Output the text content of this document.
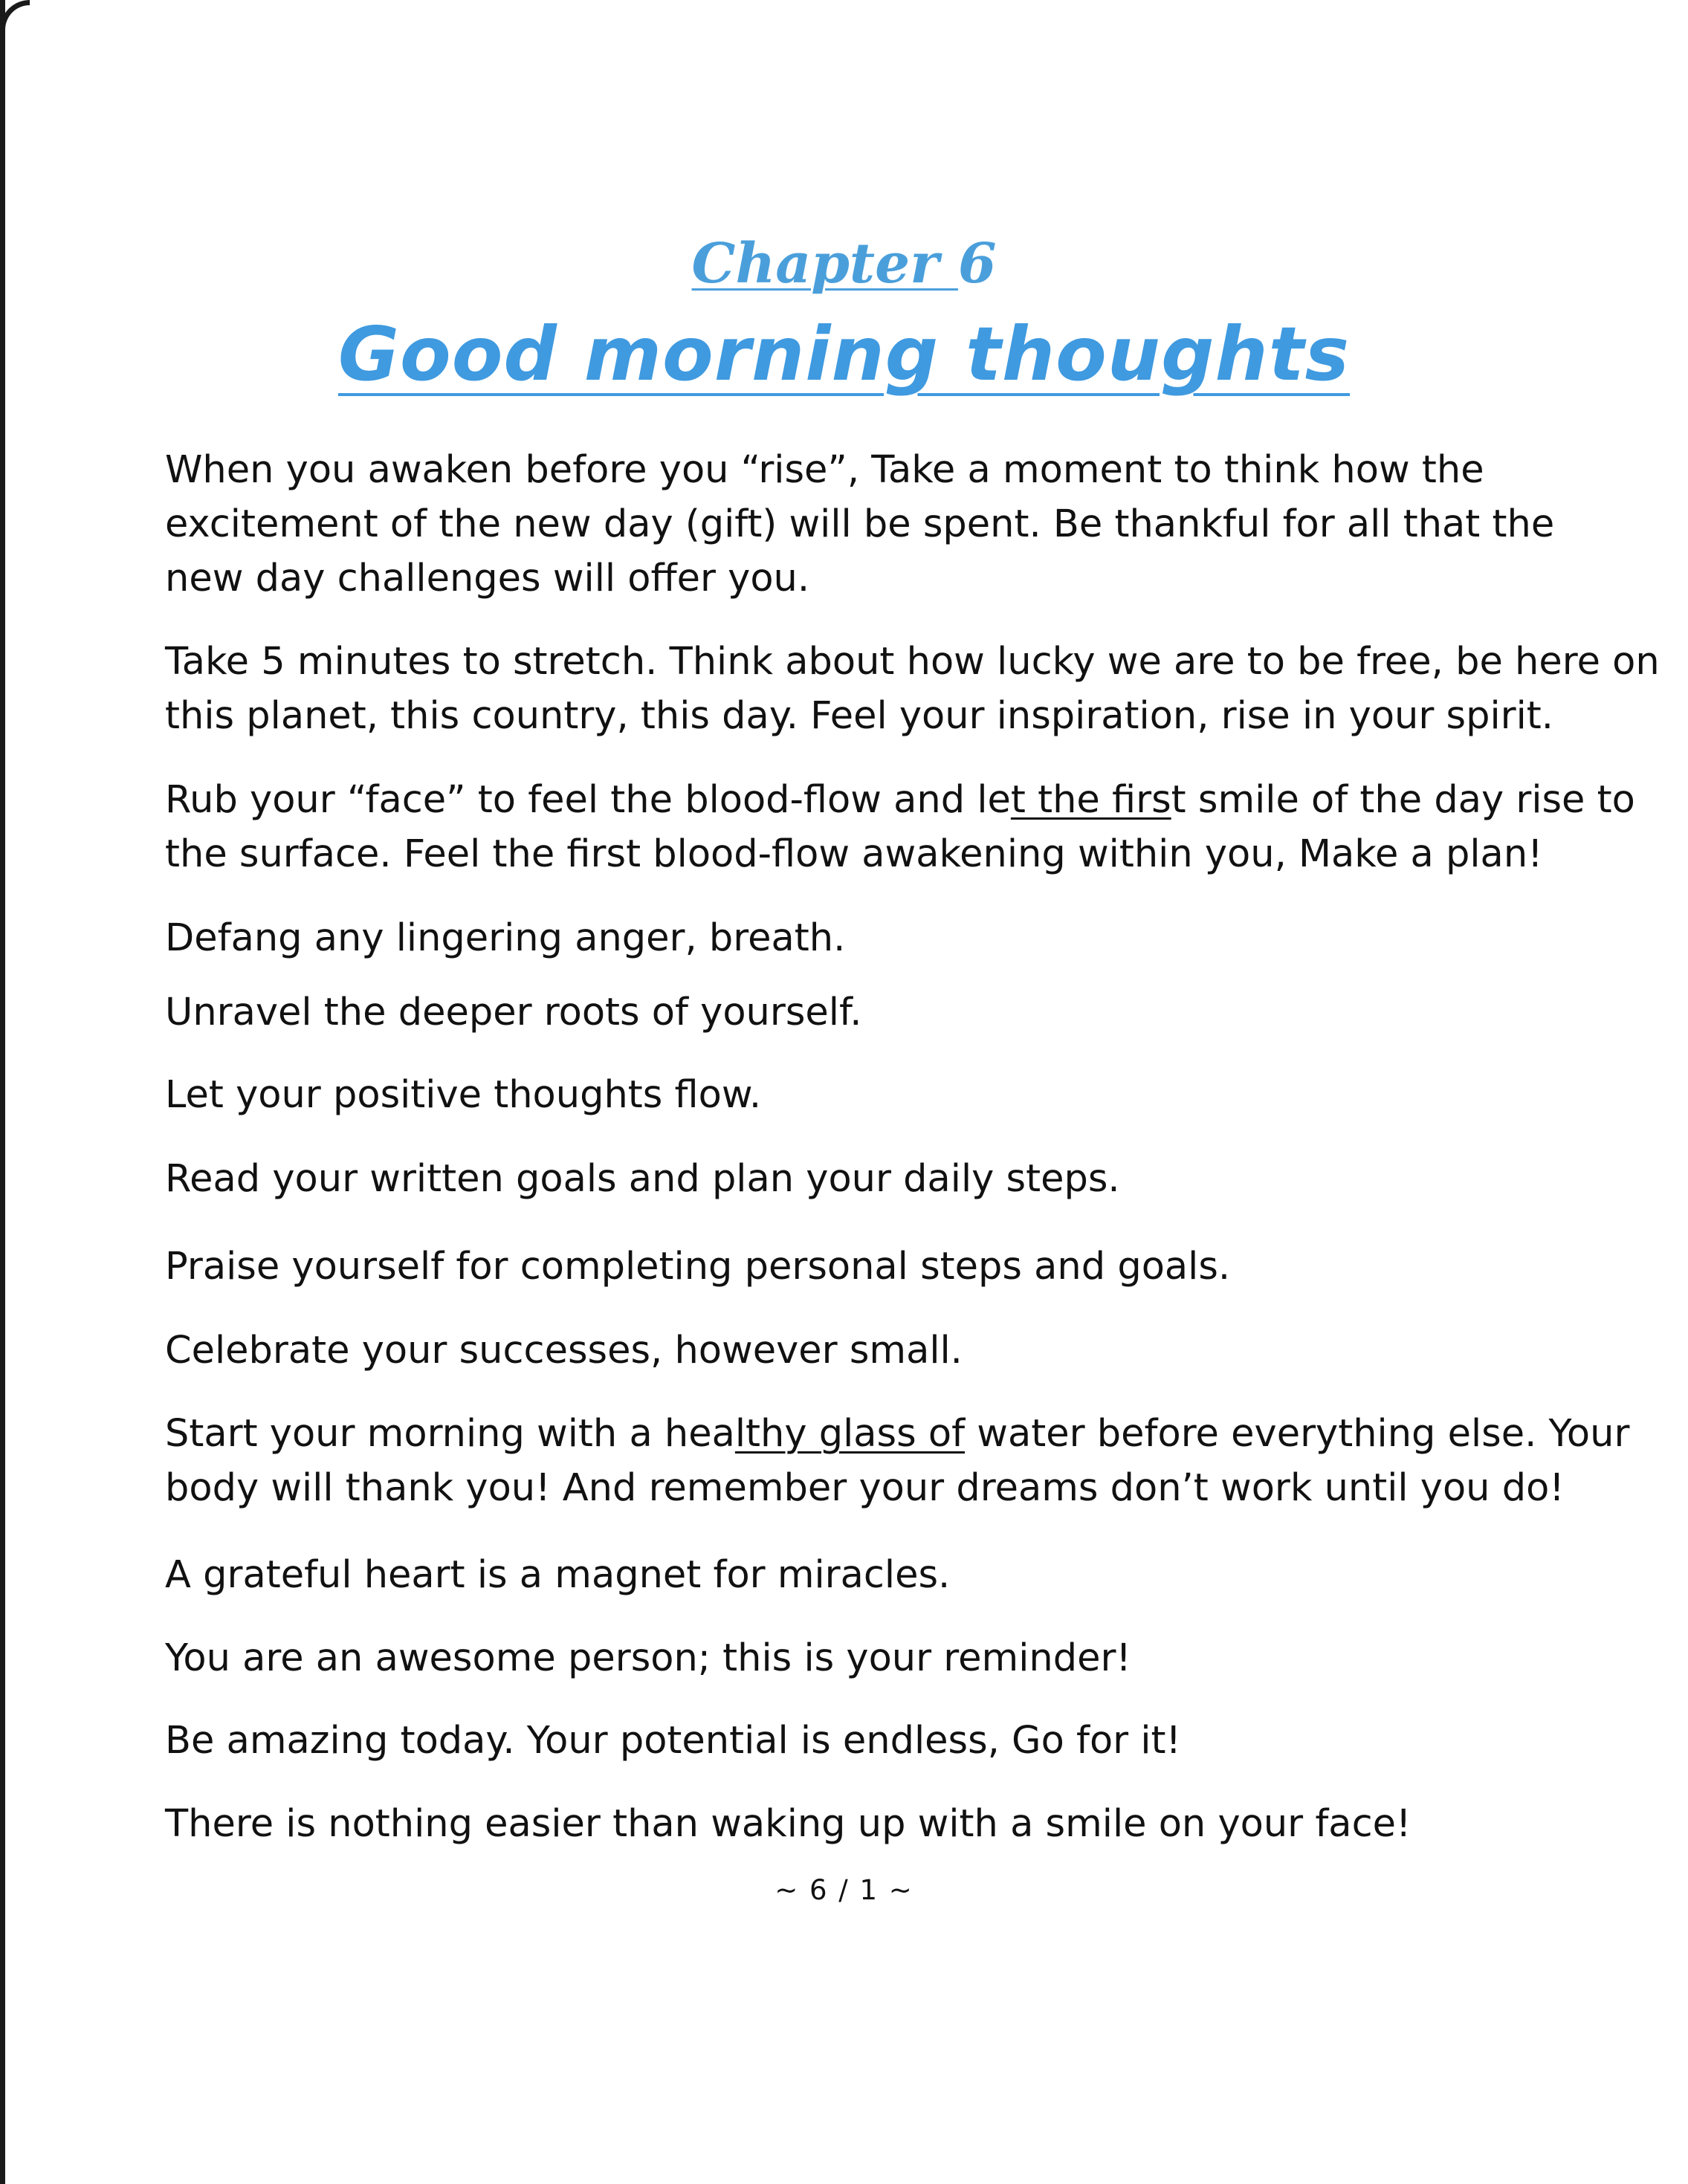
Chapter 6
Good morning thoughts
When you awaken before you “rise”, Take a moment to think how the
excitement of the new day (gift) will be spent. Be thankful for all that the
new day challenges will offer you.
Take 5 minutes to stretch. Think about how lucky we are to be free, be here on
this planet, this country, this day. Feel your inspiration, rise in your spirit.
Rub your “face” to feel the blood-flow and let the first smile of the day rise to
the surface. Feel the first blood-flow awakening within you, Make a plan!
Defang any lingering anger, breath.
Unravel the deeper roots of yourself.
Let your positive thoughts flow.
Read your written goals and plan your daily steps.
Praise yourself for completing personal steps and goals.
Celebrate your successes, however small.
Start your morning with a healthy glass of water before everything else. Your
body will thank you! And remember your dreams don’t work until you do!
A grateful heart is a magnet for miracles.
You are an awesome person; this is your reminder!
Be amazing today. Your potential is endless, Go for it!
There is nothing easier than waking up with a smile on your face!
~ 6 / 1 ~
